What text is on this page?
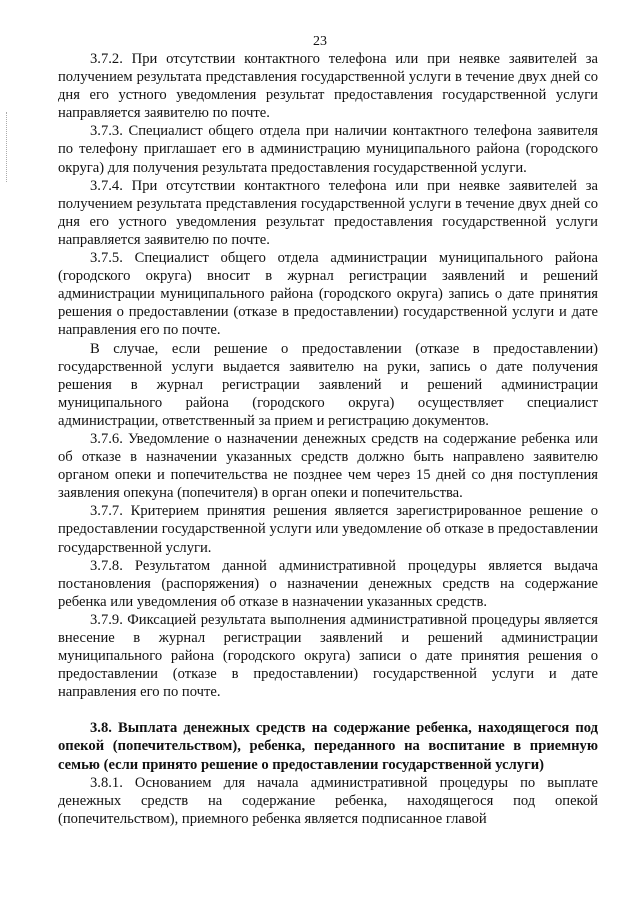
23

3.7.2. При отсутствии контактного телефона или при неявке заявителей за получением результата представления государственной услуги в течение двух дней со дня его устного уведомления результат предоставления государственной услуги направляется заявителю по почте.

3.7.3. Специалист общего отдела при наличии контактного телефона заявителя по телефону приглашает его в администрацию муниципального района (городского округа) для получения результата предоставления государственной услуги.

3.7.4. При отсутствии контактного телефона или при неявке заявителей за получением результата представления государственной услуги в течение двух дней со дня его устного уведомления результат предоставления государственной услуги направляется заявителю по почте.

3.7.5. Специалист общего отдела администрации муниципального района (городского округа) вносит в журнал регистрации заявлений и решений администрации муниципального района (городского округа) запись о дате принятия решения о предоставлении (отказе в предоставлении) государственной услуги и дате направления его по почте.

В случае, если решение о предоставлении (отказе в предоставлении) государственной услуги выдается заявителю на руки, запись о дате получения решения в журнал регистрации заявлений и решений администрации муниципального района (городского округа) осуществляет специалист администрации, ответственный за прием и регистрацию документов.

3.7.6. Уведомление о назначении денежных средств на содержание ребенка или об отказе в назначении указанных средств должно быть направлено заявителю органом опеки и попечительства не позднее чем через 15 дней со дня поступления заявления опекуна (попечителя) в орган опеки и попечительства.

3.7.7. Критерием принятия решения является зарегистрированное решение о предоставлении государственной услуги или уведомление об отказе в предоставлении государственной услуги.

3.7.8. Результатом данной административной процедуры является выдача постановления (распоряжения) о назначении денежных средств на содержание ребенка или уведомления об отказе в назначении указанных средств.

3.7.9. Фиксацией результата выполнения административной процедуры является внесение в журнал регистрации заявлений и решений администрации муниципального района (городского округа) записи о дате принятия решения о предоставлении (отказе в предоставлении) государственной услуги и дате направления его по почте.

3.8. Выплата денежных средств на содержание ребенка, находящегося под опекой (попечительством), ребенка, переданного на воспитание в приемную семью (если принято решение о предоставлении государственной услуги)

3.8.1. Основанием для начала административной процедуры по выплате денежных средств на содержание ребенка, находящегося под опекой (попечительством), приемного ребенка является подписанное главой
